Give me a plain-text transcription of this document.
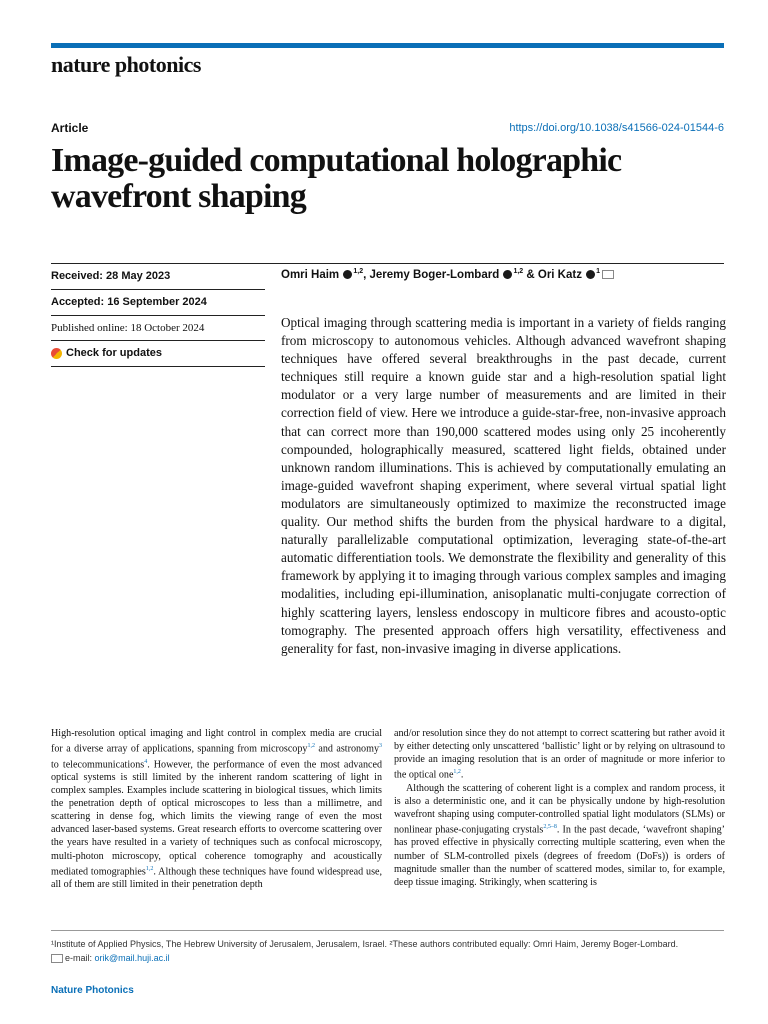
nature photonics
Article	https://doi.org/10.1038/s41566-024-01544-6
Image-guided computational holographic wavefront shaping
Received: 28 May 2023
Accepted: 16 September 2024
Published online: 18 October 2024
Check for updates
Omri Haim $^{1,2}$, Jeremy Boger-Lombard $^{1,2}$ & Ori Katz $^1$
Optical imaging through scattering media is important in a variety of fields ranging from microscopy to autonomous vehicles. Although advanced wavefront shaping techniques have offered several breakthroughs in the past decade, current techniques still require a known guide star and a high-resolution spatial light modulator or a very large number of measurements and are limited in their correction field of view. Here we introduce a guide-star-free, non-invasive approach that can correct more than 190,000 scattered modes using only 25 incoherently compounded, holographically measured, scattered light fields, obtained under unknown random illuminations. This is achieved by computationally emulating an image-guided wavefront shaping experiment, where several virtual spatial light modulators are simultaneously optimized to maximize the reconstructed image quality. Our method shifts the burden from the physical hardware to a digital, naturally parallelizable computational optimization, leveraging state-of-the-art automatic differentiation tools. We demonstrate the flexibility and generality of this framework by applying it to imaging through various complex samples and imaging modalities, including epi-illumination, anisoplanatic multi-conjugate correction of highly scattering layers, lensless endoscopy in multicore fibres and acousto-optic tomography. The presented approach offers high versatility, effectiveness and generality for fast, non-invasive imaging in diverse applications.

High-resolution optical imaging and light control in complex media are crucial for a diverse array of applications, spanning from microscopy$^{1,2}$ and astronomy$^3$ to telecommunications$^4$. However, the performance of even the most advanced optical systems is still limited by the inherent random scattering of light in complex samples. Examples include scattering in biological tissues, which limits the penetration depth of optical microscopes to less than a millimetre, and scattering in dense fog, which limits the viewing range of even the most advanced laser-based systems. Great research efforts to overcome scattering over the years have resulted in a variety of techniques such as confocal microscopy, multi-photon microscopy, optical coherence tomography and acoustically mediated tomographies$^{1,2}$. Although these techniques have found widespread use, all of them are still limited in their penetration depth

and/or resolution since they do not attempt to correct scattering but rather avoid it by either detecting only unscattered ‘ballistic’ light or by relying on ultrasound to provide an imaging resolution that is an order of magnitude or more inferior to the optical one$^{1,2}$.

Although the scattering of coherent light is a complex and random process, it is also a deterministic one, and it can be physically undone by high-resolution wavefront shaping using computer-controlled spatial light modulators (SLMs) or nonlinear phase-conjugating crystals$^{2,5-8}$. In the past decade, ‘wavefront shaping’ has proved effective in physically correcting multiple scattering, even when the number of SLM-controlled pixels (degrees of freedom (DoFs)) is orders of magnitude smaller than the number of scattered modes, similar to, for example, deep tissue imaging. Strikingly, when scattering is

¹Institute of Applied Physics, The Hebrew University of Jerusalem, Jerusalem, Israel. ²These authors contributed equally: Omri Haim, Jeremy Boger-Lombard.
e-mail: orik@mail.huji.ac.il
Nature Photonics
